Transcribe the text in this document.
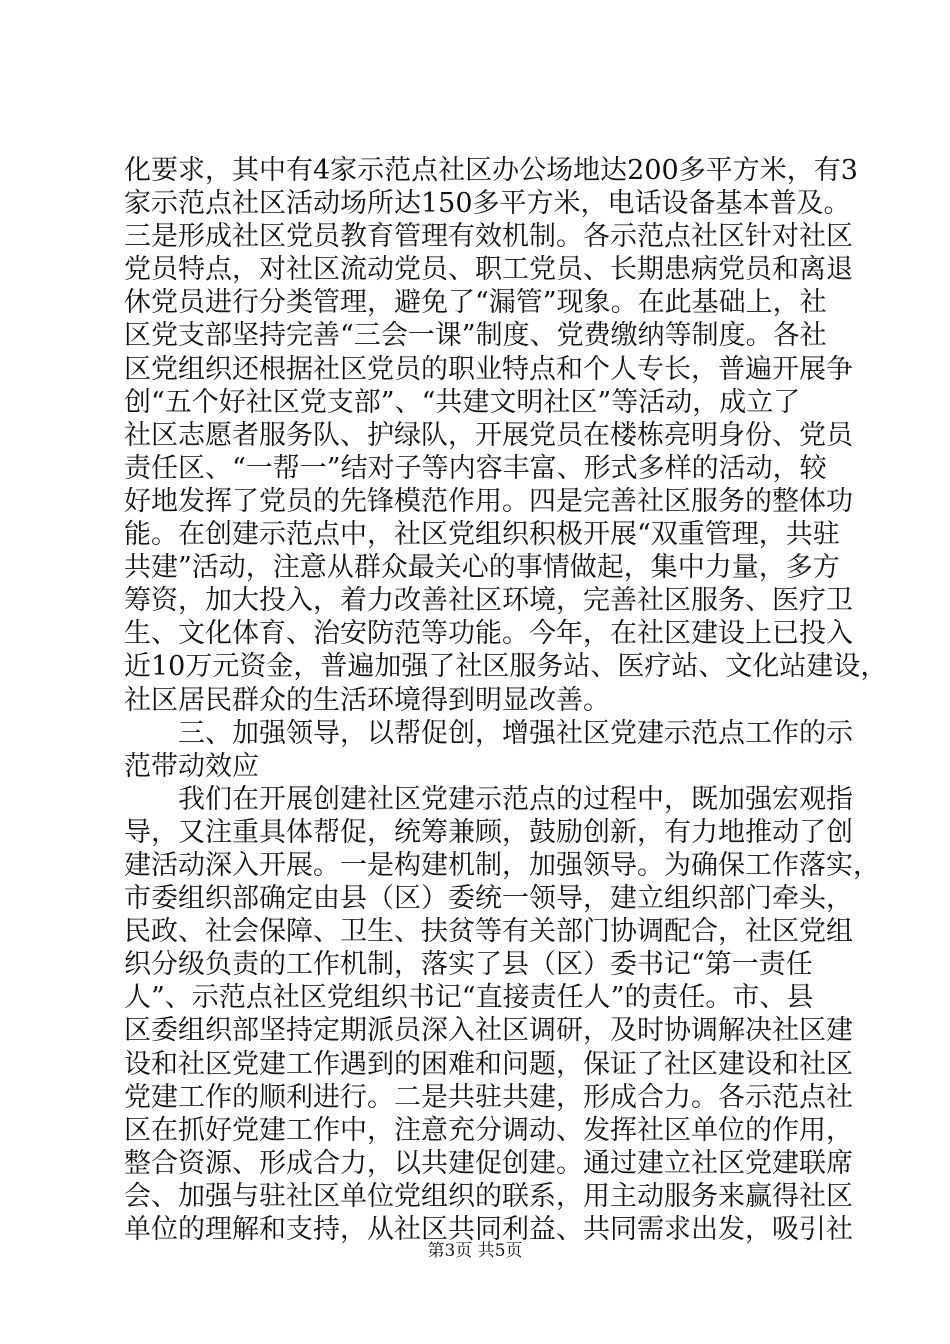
化要求，其中有4家示范点社区办公场地达200多平方米，有3
家示范点社区活动场所达150多平方米，电话设备基本普及。
三是形成社区党员教育管理有效机制。各示范点社区针对社区
党员特点，对社区流动党员、职工党员、长期患病党员和离退
休党员进行分类管理，避免了“漏管”现象。在此基础上，社
区党支部坚持完善“三会一课”制度、党费缴纳等制度。各社
区党组织还根据社区党员的职业特点和个人专长，普遍开展争
创“五个好社区党支部”、“共建文明社区”等活动，成立了
社区志愿者服务队、护绿队，开展党员在楼栋亮明身份、党员
责任区、“一帮一”结对子等内容丰富、形式多样的活动，较
好地发挥了党员的先锋模范作用。四是完善社区服务的整体功
能。在创建示范点中，社区党组织积极开展“双重管理，共驻
共建”活动，注意从群众最关心的事情做起，集中力量，多方
筹资，加大投入，着力改善社区环境，完善社区服务、医疗卫
生、文化体育、治安防范等功能。今年，在社区建设上已投入
近10万元资金，普遍加强了社区服务站、医疗站、文化站建设，
社区居民群众的生活环境得到明显改善。
　　三、加强领导，以帮促创，增强社区党建示范点工作的示
范带动效应
　　我们在开展创建社区党建示范点的过程中，既加强宏观指
导，又注重具体帮促，统筹兼顾，鼓励创新，有力地推动了创
建活动深入开展。一是构建机制，加强领导。为确保工作落实，
市委组织部确定由县（区）委统一领导，建立组织部门牵头，
民政、社会保障、卫生、扶贫等有关部门协调配合，社区党组
织分级负责的工作机制，落实了县（区）委书记“第一责任
人”、示范点社区党组织书记“直接责任人”的责任。市、县
区委组织部坚持定期派员深入社区调研，及时协调解决社区建
设和社区党建工作遇到的困难和问题，保证了社区建设和社区
党建工作的顺利进行。二是共驻共建，形成合力。各示范点社
区在抓好党建工作中，注意充分调动、发挥社区单位的作用，
整合资源、形成合力，以共建促创建。通过建立社区党建联席
会、加强与驻社区单位党组织的联系，用主动服务来赢得社区
单位的理解和支持，从社区共同利益、共同需求出发，吸引社
第3页 共5页
